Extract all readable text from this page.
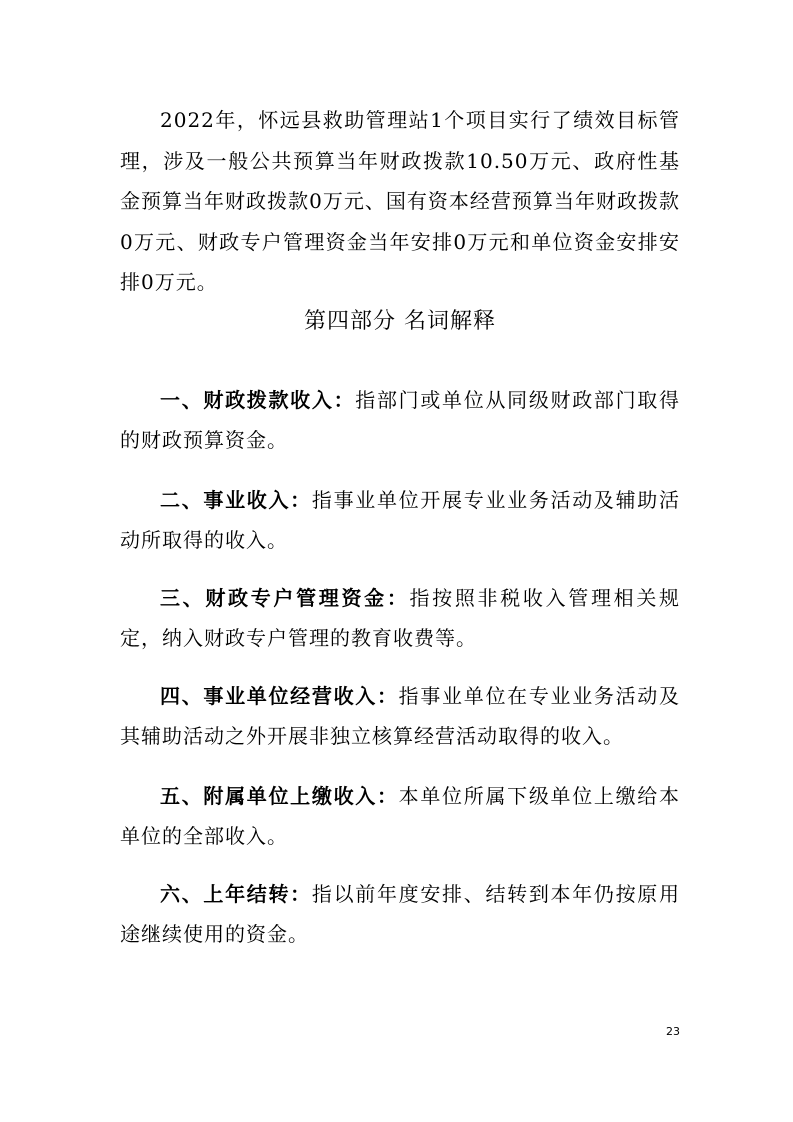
2022年，怀远县救助管理站1个项目实行了绩效目标管理，涉及一般公共预算当年财政拨款10.50万元、政府性基金预算当年财政拨款0万元、国有资本经营预算当年财政拨款0万元、财政专户管理资金当年安排0万元和单位资金安排安排0万元。

第四部分 名词解释

一、财政拨款收入：指部门或单位从同级财政部门取得的财政预算资金。

二、事业收入：指事业单位开展专业业务活动及辅助活动所取得的收入。

三、财政专户管理资金：指按照非税收入管理相关规定，纳入财政专户管理的教育收费等。

四、事业单位经营收入：指事业单位在专业业务活动及其辅助活动之外开展非独立核算经营活动取得的收入。

五、附属单位上缴收入：本单位所属下级单位上缴给本单位的全部收入。

六、上年结转：指以前年度安排、结转到本年仍按原用途继续使用的资金。

23
